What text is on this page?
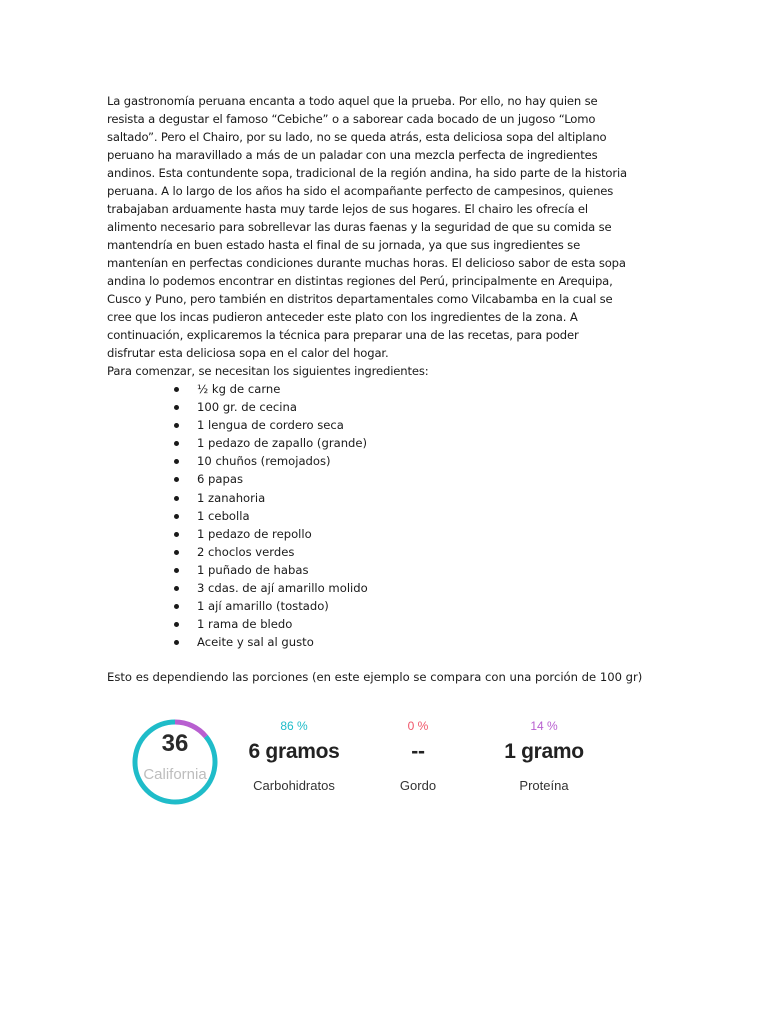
La gastronomía peruana encanta a todo aquel que la prueba. Por ello, no hay quien se resista a degustar el famoso “Cebiche” o a saborear cada bocado de un jugoso “Lomo saltado”. Pero el Chairo, por su lado, no se queda atrás, esta deliciosa sopa del altiplano peruano ha maravillado a más de un paladar con una mezcla perfecta de ingredientes andinos. Esta contundente sopa, tradicional de la región andina, ha sido parte de la historia peruana. A lo largo de los años ha sido el acompañante perfecto de campesinos, quienes trabajaban arduamente hasta muy tarde lejos de sus hogares. El chairo les ofrecía el alimento necesario para sobrellevar las duras faenas y la seguridad de que su comida se mantendría en buen estado hasta el final de su jornada, ya que sus ingredientes se mantenían en perfectas condiciones durante muchas horas. El delicioso sabor de esta sopa andina lo podemos encontrar en distintas regiones del Perú, principalmente en Arequipa, Cusco y Puno, pero también en distritos departamentales como Vilcabamba en la cual se cree que los incas pudieron anteceder este plato con los ingredientes de la zona. A continuación, explicaremos la técnica para preparar una de las recetas, para poder disfrutar esta deliciosa sopa en el calor del hogar.

Para comenzar, se necesitan los siguientes ingredientes:

½ kg de carne
100 gr. de cecina
1 lengua de cordero seca
1 pedazo de zapallo (grande)
10 chuños (remojados)
6 papas
1 zanahoria
1 cebolla
1 pedazo de repollo
2 choclos verdes
1 puñado de habas
3 cdas. de ají amarillo molido
1 ají amarillo (tostado)
1 rama de bledo
Aceite y sal al gusto

Esto es dependiendo las porciones (en este ejemplo se compara con una porción de 100 gr)

36
California
86 %
6 gramos
Carbohidratos
0 %
--
Gordo
14 %
1 gramo
Proteína
